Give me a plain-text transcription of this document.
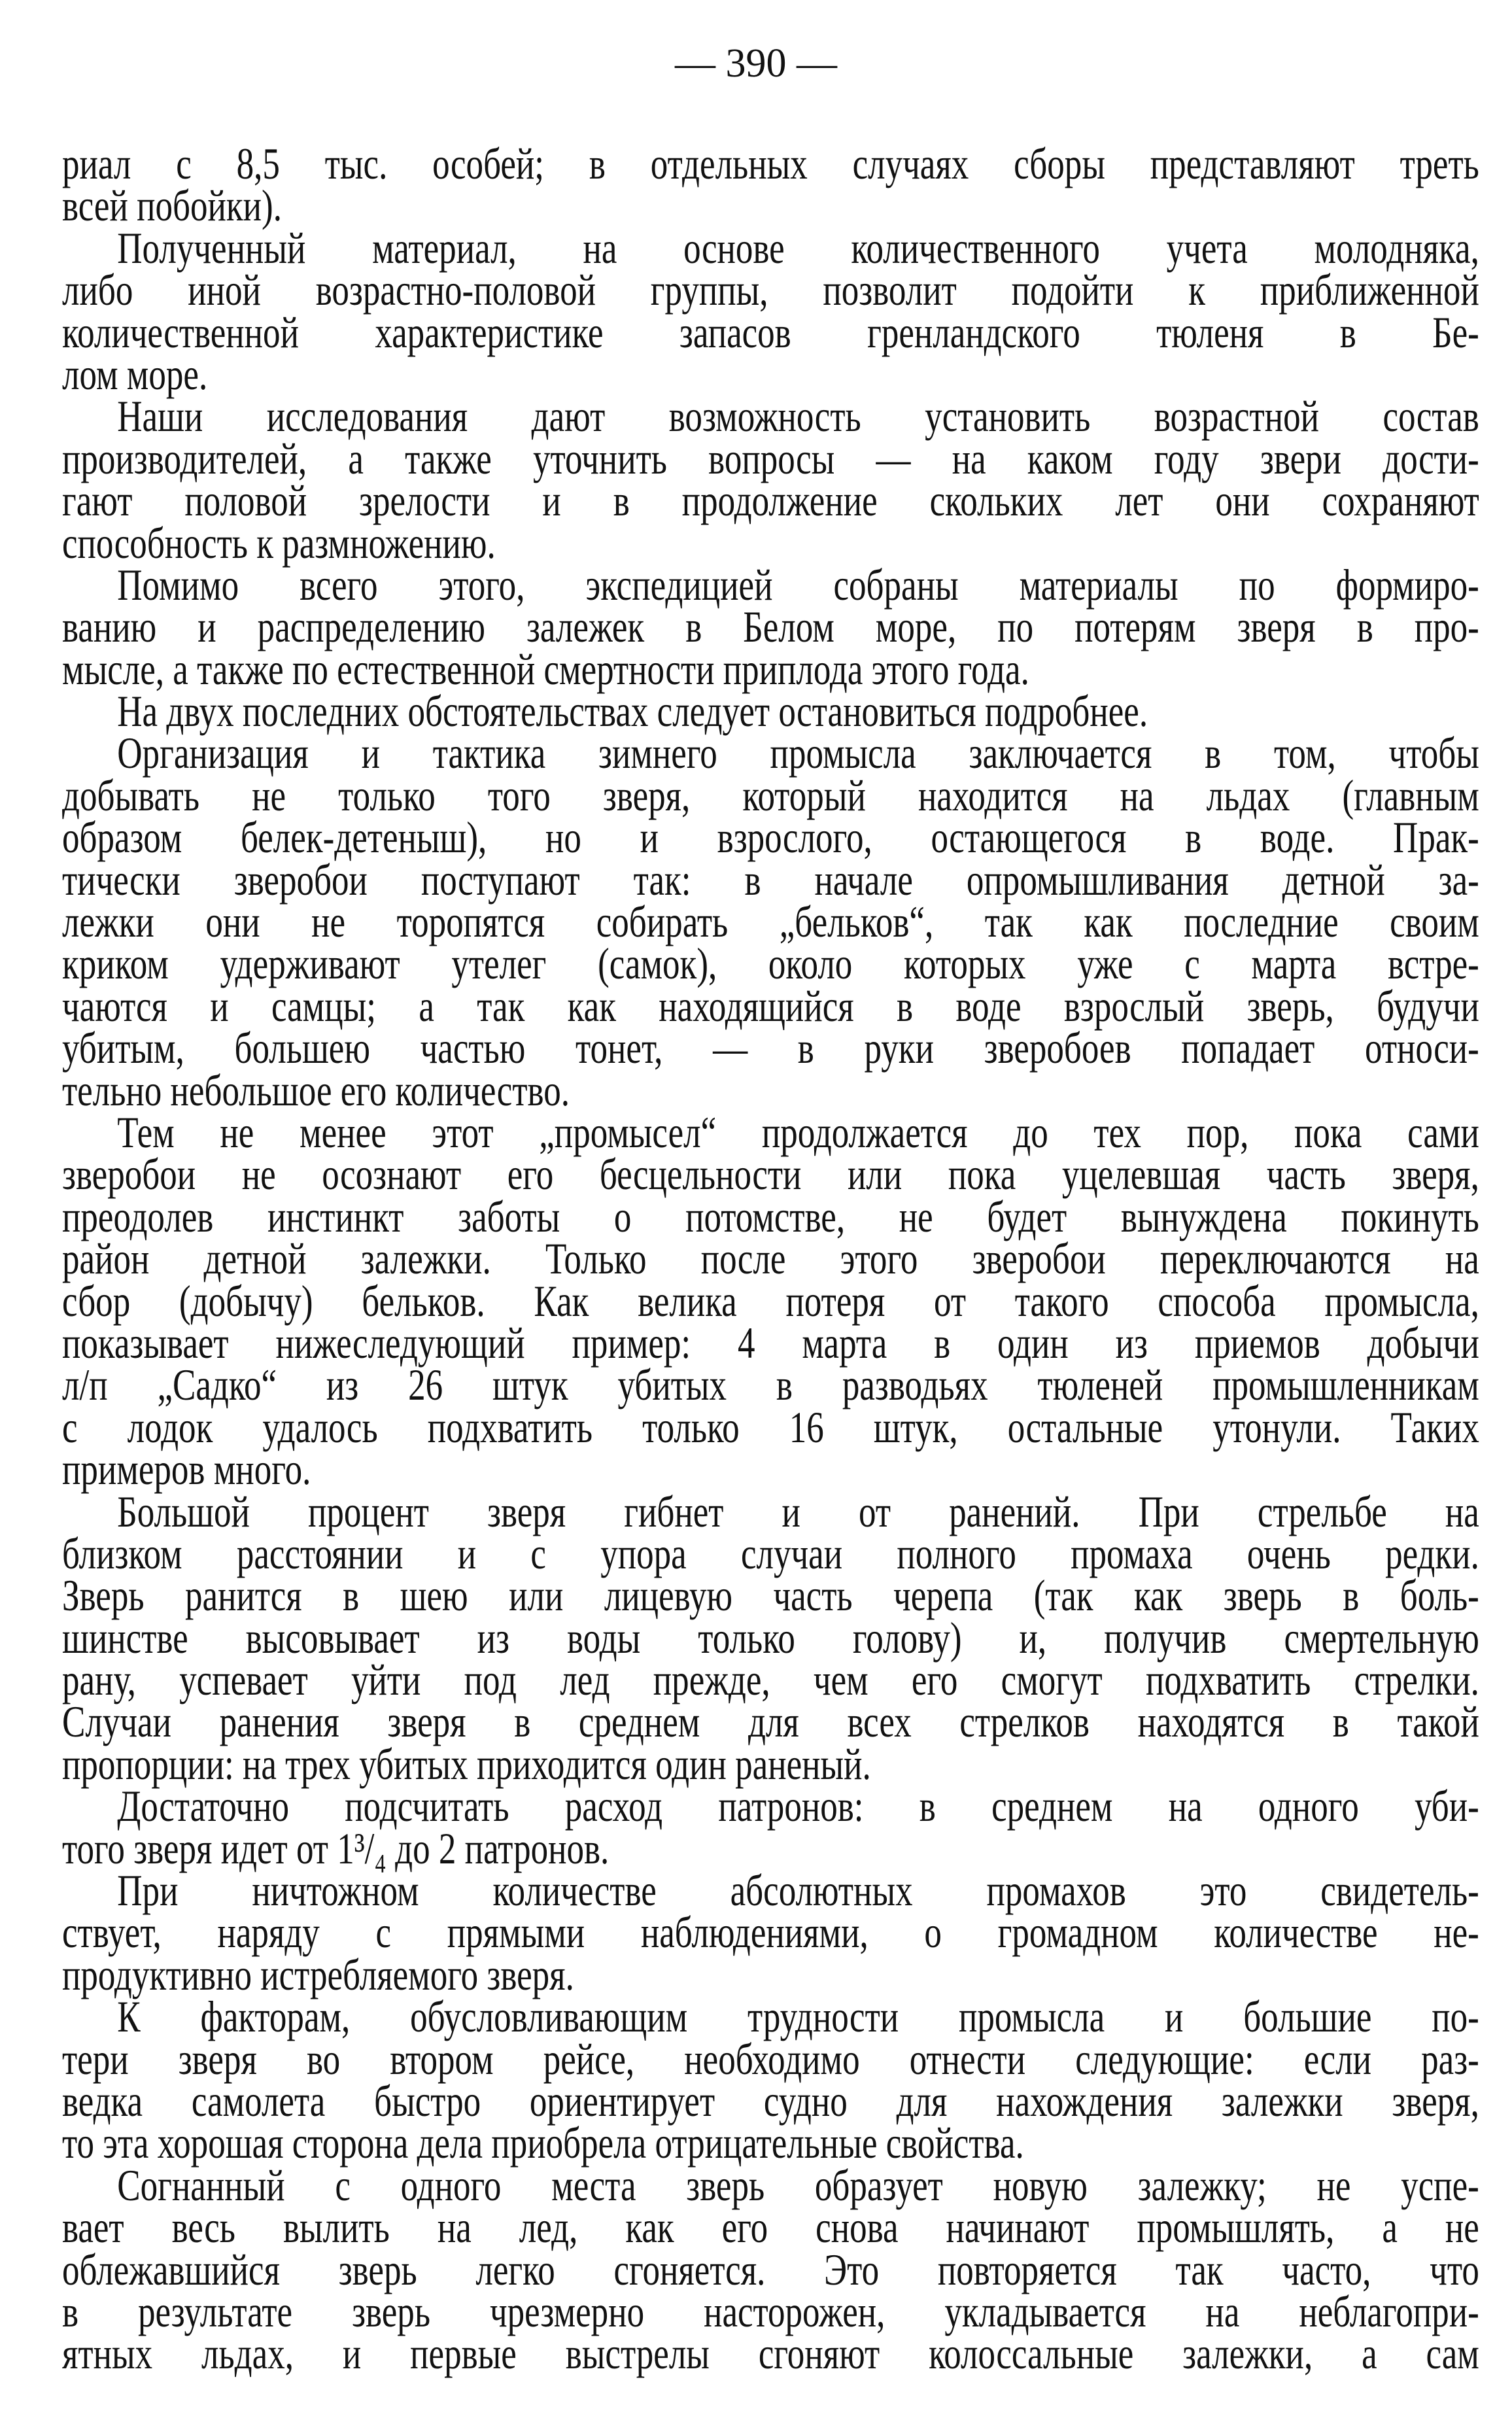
— 390 —
риал с 8,5 тыс. особей; в отдельных случаях сборы представляют треть
всей побойки).
Полученный материал, на основе количественного учета молодняка,
либо иной возрастно-половой группы, позволит подойти к приближенной
количественной характеристике запасов гренландского тюленя в Бе-
лом море.
Наши исследования дают возможность установить возрастной состав
производителей, а также уточнить вопросы — на каком году звери дости-
гают половой зрелости и в продолжение скольких лет они сохраняют
способность к размножению.
Помимо всего этого, экспедицией собраны материалы по формиро-
ванию и распределению залежек в Белом море, по потерям зверя в про-
мысле, а также по естественной смертности приплода этого года.
На двух последних обстоятельствах следует остановиться подробнее.
Организация и тактика зимнего промысла заключается в том, чтобы
добывать не только того зверя, который находится на льдах (главным
образом белек-детеныш), но и взрослого, остающегося в воде. Прак-
тически зверобои поступают так: в начале опромышливания детной за-
лежки они не торопятся собирать „бельков“, так как последние своим
криком удерживают утелег (самок), около которых уже с марта встре-
чаются и самцы; а так как находящийся в воде взрослый зверь, будучи
убитым, большею частью тонет, — в руки зверобоев попадает относи-
тельно небольшое его количество.
Тем не менее этот „промысел“ продолжается до тех пор, пока сами
зверобои не осознают его бесцельности или пока уцелевшая часть зверя,
преодолев инстинкт заботы о потомстве, не будет вынуждена покинуть
район детной залежки. Только после этого зверобои переключаются на
сбор (добычу) бельков. Как велика потеря от такого способа промысла,
показывает нижеследующий пример: 4 марта в один из приемов добычи
л/п „Садко“ из 26 штук убитых в разводьях тюленей промышленникам
с лодок удалось подхватить только 16 штук, остальные утонули. Таких
примеров много.
Большой процент зверя гибнет и от ранений. При стрельбе на
близком расстоянии и с упора случаи полного промаха очень редки.
Зверь ранится в шею или лицевую часть черепа (так как зверь в боль-
шинстве высовывает из воды только голову) и, получив смертельную
рану, успевает уйти под лед прежде, чем его смогут подхватить стрелки.
Случаи ранения зверя в среднем для всех стрелков находятся в такой
пропорции: на трех убитых приходится один раненый.
Достаточно подсчитать расход патронов: в среднем на одного уби-
того зверя идет от 1³/₄ до 2 патронов.
При ничтожном количестве абсолютных промахов это свидетель-
ствует, наряду с прямыми наблюдениями, о громадном количестве не-
продуктивно истребляемого зверя.
К факторам, обусловливающим трудности промысла и большие по-
тери зверя во втором рейсе, необходимо отнести следующие: если раз-
ведка самолета быстро ориентирует судно для нахождения залежки зверя,
то эта хорошая сторона дела приобрела отрицательные свойства.
Согнанный с одного места зверь образует новую залежку; не успе-
вает весь вылить на лед, как его снова начинают промышлять, а не
облежавшийся зверь легко сгоняется. Это повторяется так часто, что
в результате зверь чрезмерно насторожен, укладывается на неблагопри-
ятных льдах, и первые выстрелы сгоняют колоссальные залежки, а сам
